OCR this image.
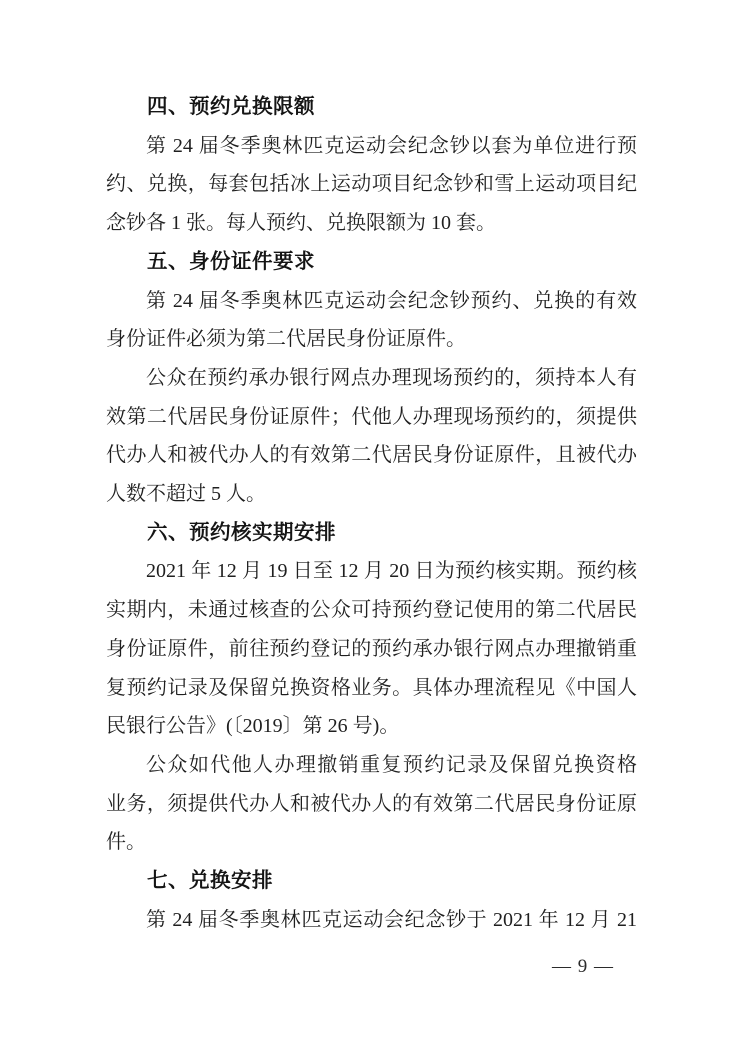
四、预约兑换限额

第 24 届冬季奥林匹克运动会纪念钞以套为单位进行预

约、兑换，每套包括冰上运动项目纪念钞和雪上运动项目纪

念钞各 1 张。每人预约、兑换限额为 10 套。

五、身份证件要求

第 24 届冬季奥林匹克运动会纪念钞预约、兑换的有效

身份证件必须为第二代居民身份证原件。

公众在预约承办银行网点办理现场预约的，须持本人有

效第二代居民身份证原件；代他人办理现场预约的，须提供

代办人和被代办人的有效第二代居民身份证原件，且被代办

人数不超过 5 人。

六、预约核实期安排

2021 年 12 月 19 日至 12 月 20 日为预约核实期。预约核

实期内，未通过核查的公众可持预约登记使用的第二代居民

身份证原件，前往预约登记的预约承办银行网点办理撤销重

复预约记录及保留兑换资格业务。具体办理流程见《中国人

民银行公告》(〔2019〕第 26 号)。

公众如代他人办理撤销重复预约记录及保留兑换资格

业务，须提供代办人和被代办人的有效第二代居民身份证原

件。

七、兑换安排

第 24 届冬季奥林匹克运动会纪念钞于 2021 年 12 月 21

— 9 —
